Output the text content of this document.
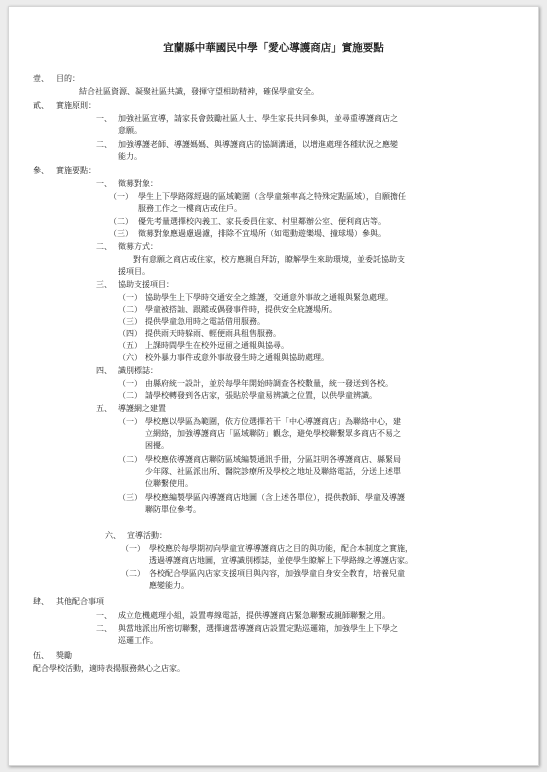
宜蘭縣中華國民中學「愛心導護商店」實施要點
壹、 目的：
結合社區資源、凝聚社區共識，發揮守望相助精神，確保學童安全。
貳、 實施原則：
一、 加強社區宣導，請家長會鼓勵社區人士、學生家長共同參與，並尋重導護商店之
意願。
二、 加強導護老師、導護媽媽、與導護商店的協調溝通，以增進處理各種狀況之應變
能力。
參、 實施要點：
一、 徵募對象：
（一） 學生上下學路隊經過的區域範圍（含學童頻率高之特殊定點區域），自願擔任
服務工作之一樓商店或住戶。
（二） 優先考量選擇校內義工、家長委員住家、村里鄰辦公室、便利商店等。
（三） 徵募對象應過慮過濾，排除不宜場所（如電動遊樂場、撞球場）參與。
二、 徵募方式：
對有意願之商店或住家，校方應親自拜訪，瞭解學生來助環境，並委託協助支
援項目。
三、 協助支援項目：
（一） 協助學生上下學時交通安全之維護，交通意外事故之通報與緊急處理。
（二） 學童被搭訕、跟蹤或偶發事件時，提供安全庇護場所。
（三） 提供學童急用時之電話借用服務。
（四） 提供雨天時躲雨、輕便雨具租售服務。
（五） 上課時間學生在校外逗留之通報與協尋。
（六） 校外暴力事件或意外事故發生時之通報與協助處理。
四、 識別標誌：
（一） 由縣府統一設計，並於每學年開始時調查各校數量，統一發送到各校。
（二） 請學校轉發到各店家，張貼於學童易辨識之位置，以供學童辨識。
五、 導護網之建置
（一） 學校應以學區為範圍，依方位選擇若干「中心導護商店」為聯絡中心，建
立網絡，加強導護商店「區域聯防」觀念，避免學校聯繫眾多商店不易之
困擾。
（二） 學校應依導護商店聯防區域編製通訊手冊，分區註明各導護商店、縣緊局
少年隊、社區派出所、醫院診療所及學校之地址及聯絡電話，分送上述單
位聯繫使用。
（三） 學校應編製學區內導護商店地圖（含上述各單位），提供教師、學童及導護
聯防單位參考。
六、 宣導活動：
（一） 學校應於每學期初向學童宣導導護商店之目的與功能，配合本制度之實施，
透過導護商店地圖，宣導識別標誌，並使學生瞭解上下學路線之導護店家。
（二） 各校配合學區內店家支援項目與內容，加強學童自身安全教育，培養兒童
應變能力。
肆、 其他配合事項
一、 成立危機處理小組，設置專線電話，提供導護商店緊急聯繫或親師聯繫之用。
二、 與當地派出所密切聯繫，選擇適當導護商店設置定點巡邏箱，加強學生上下學之
巡邏工作。
伍、 獎勵
配合學校活動，適時表揚服務熱心之店家。
